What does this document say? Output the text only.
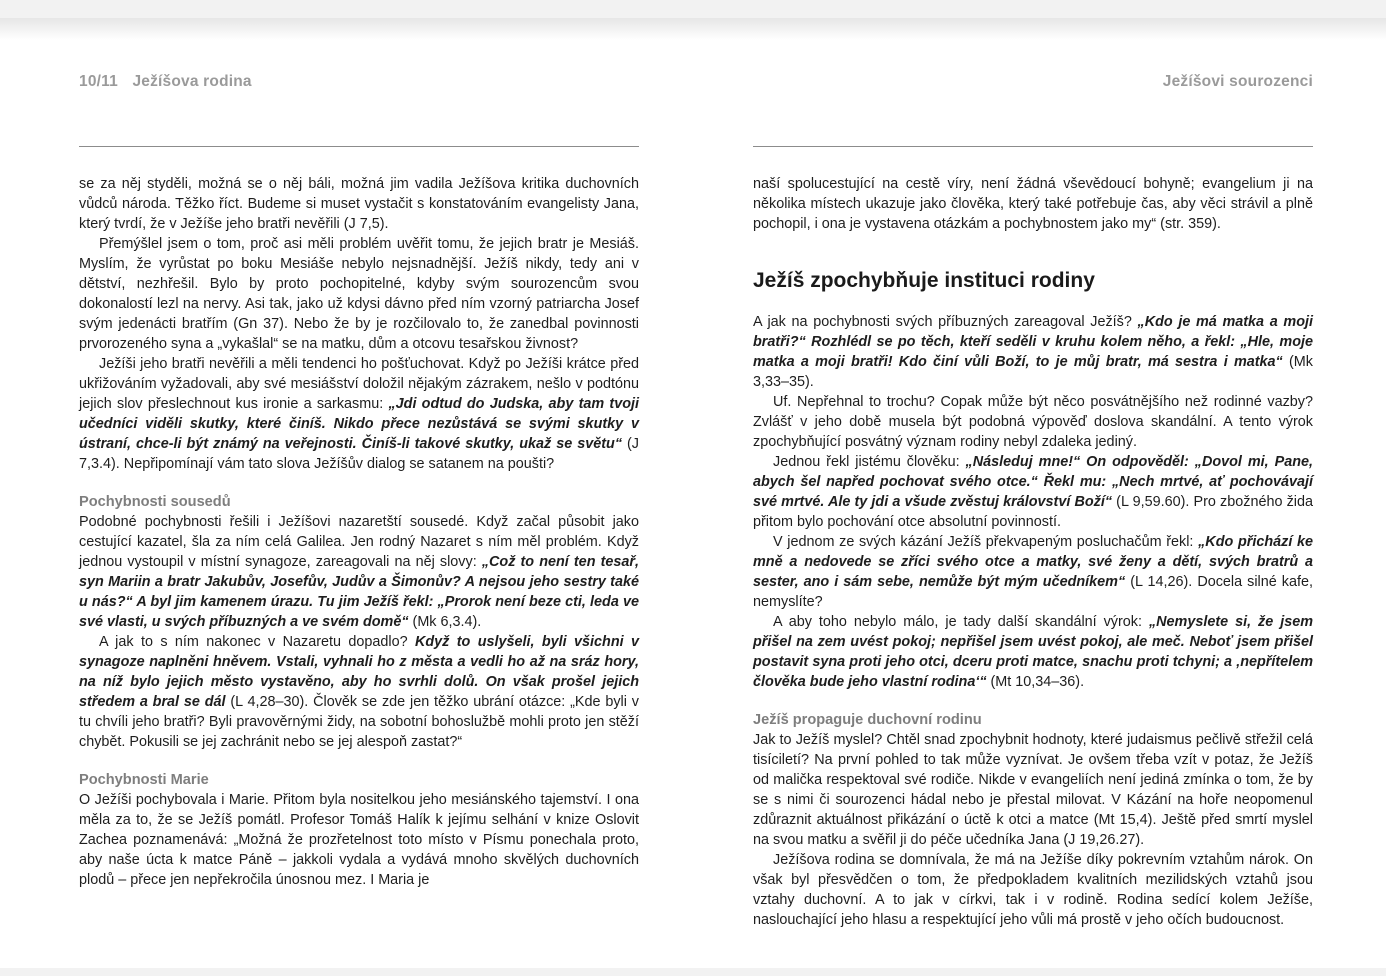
10/11 Ježíšova rodina

se za něj styděli, možná se o něj báli, možná jim vadila Ježíšova kritika duchovních vůdců národa. Těžko říct. Budeme si muset vystačit s konstatováním evangelisty Jana, který tvrdí, že v Ježíše jeho bratři nevěřili (J 7,5).

Přemýšlel jsem o tom, proč asi měli problém uvěřit tomu, že jejich bratr je Mesiáš. Myslím, že vyrůstat po boku Mesiáše nebylo nejsnadnější. Ježíš nikdy, tedy ani v dětství, nezhřešil. Bylo by proto pochopitelné, kdyby svým sourozencům svou dokonalostí lezl na nervy. Asi tak, jako už kdysi dávno před ním vzorný patriarcha Josef svým jedenácti bratřím (Gn 37). Nebo že by je rozčilovalo to, že zanedbal povinnosti prvorozeného syna a „vykašlal“ se na matku, dům a otcovu tesařskou živnost?

Ježíši jeho bratři nevěřili a měli tendenci ho pošťuchovat. Když po Ježíši krátce před ukřižováním vyžadovali, aby své mesiášství doložil nějakým zázrakem, nešlo v podtónu jejich slov přeslechnout kus ironie a sarkasmu: „Jdi odtud do Judska, aby tam tvoji učedníci viděli skutky, které činíš. Nikdo přece nezůstává se svými skutky v ústraní, chce-li být známý na veřejnosti. Činíš-li takové skutky, ukaž se světu“ (J 7,3.4). Nepřipomínají vám tato slova Ježíšův dialog se satanem na poušti?

Pochybnosti sousedů

Podobné pochybnosti řešili i Ježíšovi nazaretští sousedé. Když začal působit jako cestující kazatel, šla za ním celá Galilea. Jen rodný Nazaret s ním měl problém. Když jednou vystoupil v místní synagoze, zareagovali na něj slovy: „Což to není ten tesař, syn Mariin a bratr Jakubův, Josefův, Judův a Šimonův? A nejsou jeho sestry také u nás?“ A byl jim kamenem úrazu. Tu jim Ježíš řekl: „Prorok není beze cti, leda ve své vlasti, u svých příbuzných a ve svém domě“ (Mk 6,3.4).

A jak to s ním nakonec v Nazaretu dopadlo? Když to uslyšeli, byli všichni v synagoze naplněni hněvem. Vstali, vyhnali ho z města a vedli ho až na sráz hory, na níž bylo jejich město vystavěno, aby ho svrhli dolů. On však prošel jejich středem a bral se dál (L 4,28–30). Člověk se zde jen těžko ubrání otázce: „Kde byli v tu chvíli jeho bratři? Byli pravověrnými židy, na sobotní bohoslužbě mohli proto jen stěží chybět. Pokusili se jej zachránit nebo se jej alespoň zastat?“

Pochybnosti Marie

O Ježíši pochybovala i Marie. Přitom byla nositelkou jeho mesiánského tajemství. I ona měla za to, že se Ježíš pomátl. Profesor Tomáš Halík k jejímu selhání v knize Oslovit Zachea poznamenává: „Možná že prozřetelnost toto místo v Písmu ponechala proto, aby naše úcta k matce Páně – jakkoli vydala a vydává mnoho skvělých duchovních plodů – přece jen nepřekročila únosnou mez. I Maria je

Ježíšovi sourozenci

naší spolucestující na cestě víry, není žádná vševědoucí bohyně; evangelium ji na několika místech ukazuje jako člověka, který také potřebuje čas, aby věci strávil a plně pochopil, i ona je vystavena otázkám a pochybnostem jako my“ (str. 359).

Ježíš zpochybňuje instituci rodiny

A jak na pochybnosti svých příbuzných zareagoval Ježíš? „Kdo je má matka a moji bratři?“ Rozhlédl se po těch, kteří seděli v kruhu kolem něho, a řekl: „Hle, moje matka a moji bratři! Kdo činí vůli Boží, to je můj bratr, má sestra i matka“ (Mk 3,33–35).

Uf. Nepřehnal to trochu? Copak může být něco posvátnějšího než rodinné vazby? Zvlášť v jeho době musela být podobná výpověď doslova skandální. A tento výrok zpochybňující posvátný význam rodiny nebyl zdaleka jediný.

Jednou řekl jistému člověku: „Následuj mne!“ On odpověděl: „Dovol mi, Pane, abych šel napřed pochovat svého otce.“ Řekl mu: „Nech mrtvé, ať pochovávají své mrtvé. Ale ty jdi a všude zvěstuj království Boží“ (L 9,59.60). Pro zbožného žida přitom bylo pochování otce absolutní povinností.

V jednom ze svých kázání Ježíš překvapeným posluchačům řekl: „Kdo přichází ke mně a nedovede se zříci svého otce a matky, své ženy a dětí, svých bratrů a sester, ano i sám sebe, nemůže být mým učedníkem“ (L 14,26). Docela silné kafe, nemyslíte?

A aby toho nebylo málo, je tady další skandální výrok: „Nemyslete si, že jsem přišel na zem uvést pokoj; nepřišel jsem uvést pokoj, ale meč. Neboť jsem přišel postavit syna proti jeho otci, dceru proti matce, snachu proti tchyni; a ‚nepřítelem člověka bude jeho vlastní rodina‘“ (Mt 10,34–36).

Ježíš propaguje duchovní rodinu

Jak to Ježíš myslel? Chtěl snad zpochybnit hodnoty, které judaismus pečlivě střežil celá tisíciletí? Na první pohled to tak může vyznívat. Je ovšem třeba vzít v potaz, že Ježíš od malička respektoval své rodiče. Nikde v evangeliích není jediná zmínka o tom, že by se s nimi či sourozenci hádal nebo je přestal milovat. V Kázání na hoře neopomenul zdůraznit aktuálnost přikázání o úctě k otci a matce (Mt 15,4). Ještě před smrtí myslel na svou matku a svěřil ji do péče učedníka Jana (J 19,26.27).

Ježíšova rodina se domnívala, že má na Ježíše díky pokrevním vztahům nárok. On však byl přesvědčen o tom, že předpokladem kvalitních mezilidských vztahů jsou vztahy duchovní. A to jak v církvi, tak i v rodině. Rodina sedící kolem Ježíše, naslouchající jeho hlasu a respektující jeho vůli má prostě v jeho očích budoucnost.
